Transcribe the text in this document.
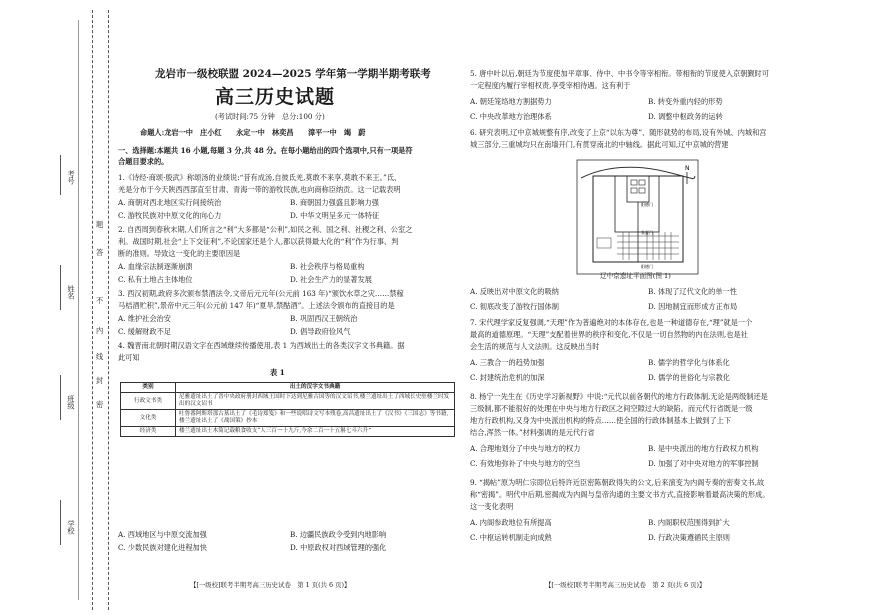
考号
姓名
班级
学校
题
答
不
内
线
封
密
龙岩市一级校联盟 2024—2025 学年第一学期半期考联考
高三历史试题
(考试时间:75 分钟　总分:100 分)
命题人:龙岩一中　庄小红　　永定一中　林奕昌　　漳平一中　竭　蔚
一、选择题:本题共 16 小题,每题 3 分,共 48 分。在每小题给出的四个选项中,只有一项是符
合题目要求的。
1.《诗经·商颂·殷武》称颂汤的业绩说:“昔有成汤,自彼氐羌,莫敢不来享,莫敢不来王。”氐、
羌是分布于今天陕西西部直至甘肃、青海一带的游牧民族,也向商称臣纳贡。这一记载表明
A. 商朝对西北地区实行间接统治	B. 商朝国力强盛且影响力强
C. 游牧民族对中原文化的向心力	D. 中华文明呈多元一体特征
2. 自西周到春秋末期,人们所言之“利”大多都是“公利”,如民之利、国之利、社稷之利、公室之
利。战国时期,社会“上下交征利”,不论国家还是个人,都以获得最大化的“利”作为行事、判
断的准则。导致这一变化的主要原因是
A. 血缘宗法制逐渐崩溃	B. 社会秩序与格局重构
C. 私有土地占主体地位	D. 社会生产力的显著发展
3. 西汉初期,政府多次颁布禁酒法令,文帝后元元年(公元前 163 年)“颁饮水草之灾……禁稼
马桔酒贮积”,景帝中元三年(公元前 147 年)“夏旱,禁酤酒”。上述法令颁布的直接目的是
A. 维护社会治安	B. 巩固西汉王朝统治
C. 缓解财政不足	D. 倡导政府俭风气
4. 魏晋南北朝时期汉语文字在西域继续传播使用,表 1 为西域出土的各类汉字文书典籍。据
此可知
表 1
类别	出土的汉字文书典籍
行政文书类	尼雅遗址出土了晋中央政府册封西域王国时下达到尼雅古国等的汉文诏书,楼兰遗址出土了西域长史驻楼兰时发出的汉文诏书
文化类	吐鲁番阿斯塔那古墓出土了《毛诗郑笺》和一些说唱诗文写本残卷,高昌遗址出土了《汉书》《三国志》等书籍,楼兰遗址出土了《战国策》抄本
经济类	楼兰遗址出土木简记载粮食收支“人三百一十九斤,今余二百一十五斛七斗六升”
A. 西域地区与中原交流加强	B. 边疆民族政令受到内地影响
C. 少数民族对建化进程加快	D. 中原政权对西域管理的强化
【[一级校]联考半期考高三历史试卷　第 1 页(共 6 页)】
5. 唐中叶以后,朝廷为节度使加平章事、侍中、中书令等宰相衔。带相衔的节度使入京朝觐时可
一定程度内履行宰相权责,享受宰相待遇。这有利于
A. 朝廷笼络地方割据势力	B. 转变外重内轻的形势
C. 中央改革地方治理体系	D. 调整中枢政务的运转
6. 研究表明,辽中京城规整有序,改变了上京“以东为尊”、随形就势的布局,设有外城、内城和宫
城三部分,三重城均只在南墙开门,有贯穿南北的中轴线。据此可知,辽中京城的营建
N
阳德门
朱夏门
阳德门
辽中京遗址平面图(图 1)
A. 反映出对中原文化的吸纳	B. 体现了辽代文化的单一性
C. 彻底改变了游牧行国体制	D. 因地制宜而形成方正布局
7. 宋代理学家反复强调,“天理”作为普遍绝对的本体存在,也是一种道德存在,“理”就是一个
最高的道德原理。“天理”支配着世界的秩序和变化,不仅是一切自然物的内在法则,也是社
会生活的规范与人文法则。这反映出当时
A. 三教合一的趋势加强	B. 儒学的哲学化与体系化
C. 封建统治危机的加深	D. 儒学的世俗化与宗教化
8. 杨宁一先生在《历史学习新视野》中说:“元代以前各朝代的地方行政体制,无论是两级制还是
三级制,都不能很好的处理在中央与地方行政区之间空隙过大的缺陷。而元代行省既是一级
地方行政机构,又身为中央派出机构的特点……使全国的行政体制基本上做到了上下
结合,浑然一体。”材料强调的是元代行省
A. 合理地划分了中央与地方的权力	B. 是中央派出的地方行政权力机构
C. 有效地弥补了中央与地方的空当	D. 加强了对中央对地方的军事控制
9. “揭帖”原为明仁宗即位后特许近臣密陈朝政得失的公文,后来演变为内阁专奏的密奏文书,故
称“密揭”。明代中后期,密揭成为内阁与皇帝沟通的主要文书方式,直接影响着最高决策的形成。
这一变化表明
A. 内阁参政地位有所提高	B. 内阁职权范围得到扩大
C. 中枢运转机制走向成熟	D. 行政决策遵循民主原则
【[一级校]联考半期考高三历史试卷　第 2 页(共 6 页)】
